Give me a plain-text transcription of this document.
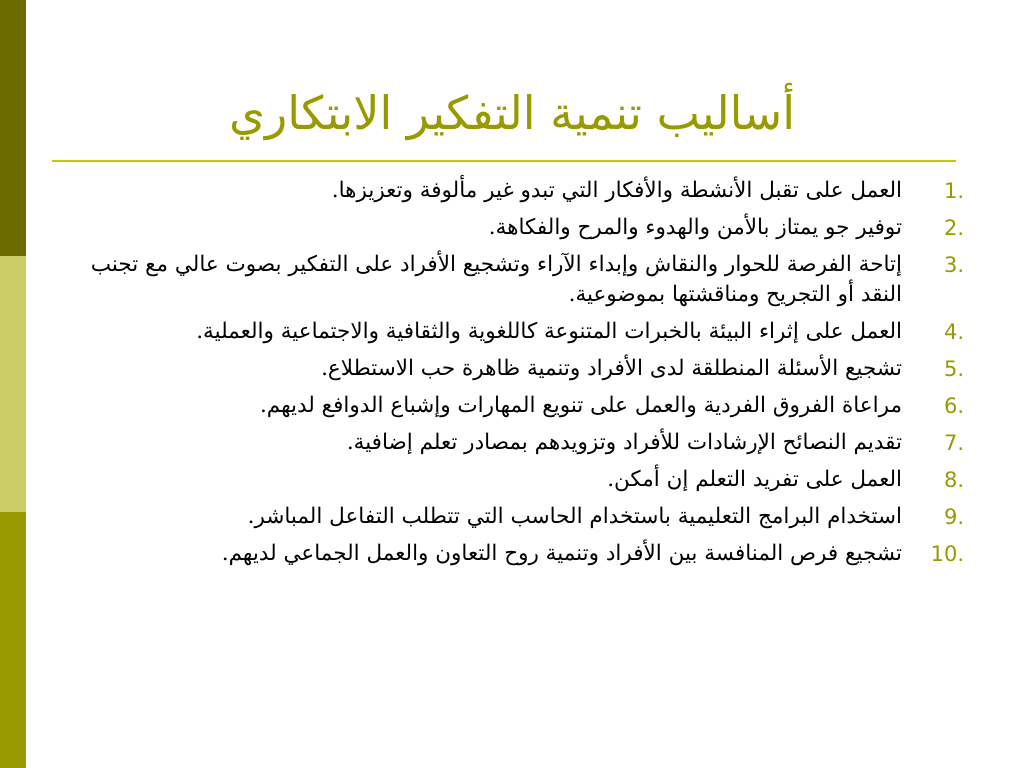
أساليب تنمية التفكير الابتكاري
1.
العمل على تقبل الأنشطة والأفكار التي تبدو غير مألوفة وتعزيزها.
2.
توفير جو يمتاز بالأمن والهدوء والمرح والفكاهة.
3.
إتاحة الفرصة للحوار والنقاش وإبداء الآراء وتشجيع الأفراد على التفكير بصوت عالي مع تجنب النقد أو التجريح ومناقشتها بموضوعية.
4.
العمل على إثراء البيئة بالخبرات المتنوعة كاللغوية والثقافية والاجتماعية والعملية.
5.
تشجيع الأسئلة المنطلقة لدى الأفراد وتنمية ظاهرة حب الاستطلاع.
6.
مراعاة الفروق الفردية والعمل على تنويع المهارات وإشباع الدوافع لديهم.
7.
تقديم النصائح الإرشادات للأفراد وتزويدهم بمصادر تعلم إضافية.
8.
العمل على تفريد التعلم إن أمكن.
9.
استخدام البرامج التعليمية باستخدام الحاسب التي تتطلب التفاعل المباشر.
10.
تشجيع فرص المنافسة بين الأفراد وتنمية روح التعاون والعمل الجماعي لديهم.
